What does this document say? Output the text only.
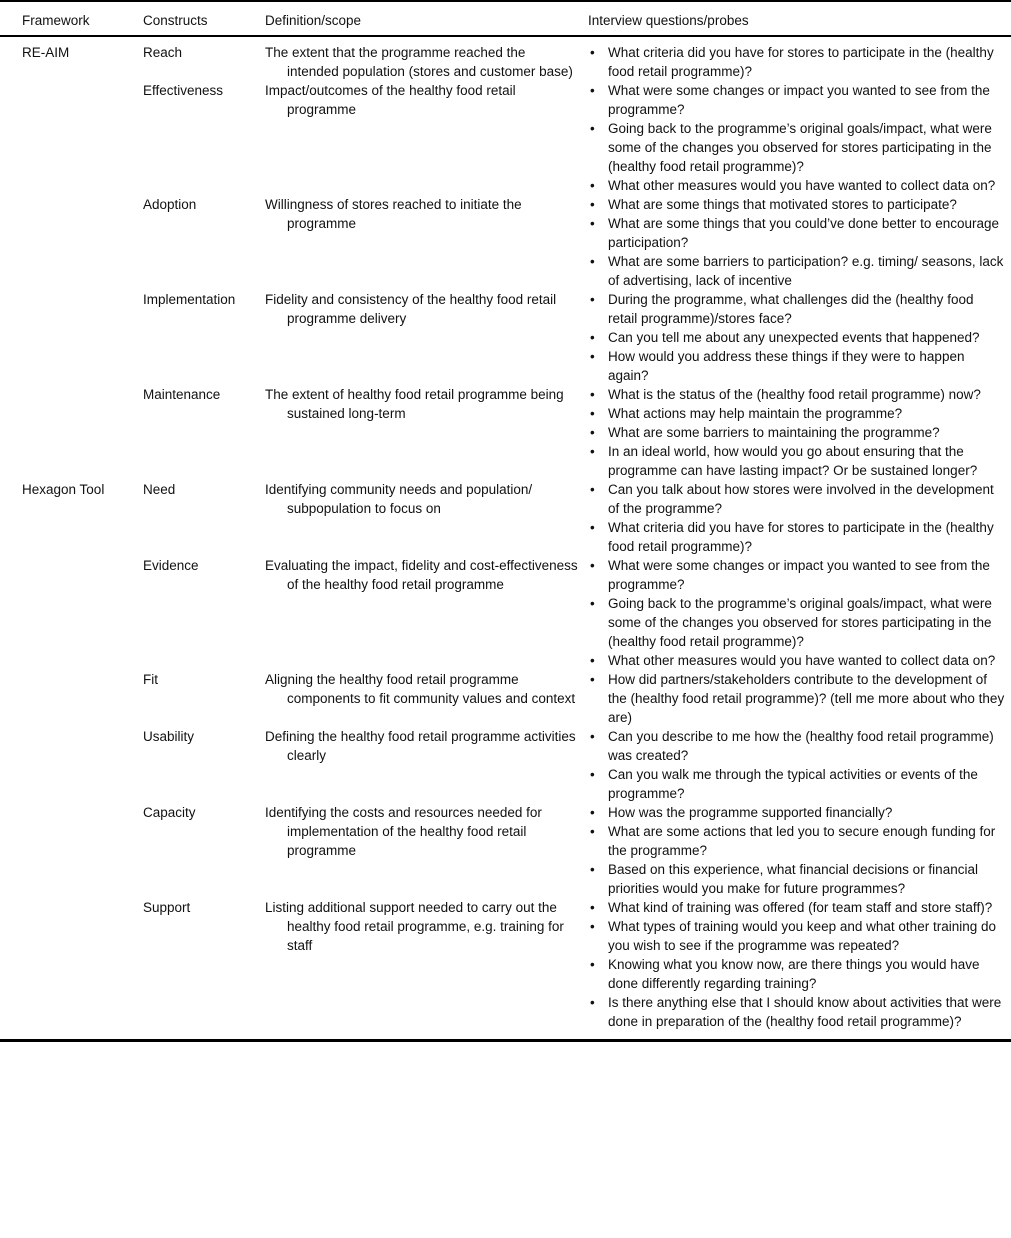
Framework	Constructs	Definition/scope	Interview questions/probes
RE-AIM	Reach	The extent that the programme reached the intended population (stores and customer base)
• What criteria did you have for stores to participate in the (healthy food retail programme)?
Effectiveness	Impact/outcomes of the healthy food retail programme
• What were some changes or impact you wanted to see from the programme?
• Going back to the programme’s original goals/impact, what were some of the changes you observed for stores participating in the (healthy food retail programme)?
• What other measures would you have wanted to collect data on?
Adoption	Willingness of stores reached to initiate the programme
• What are some things that motivated stores to participate?
• What are some things that you could’ve done better to encourage participation?
• What are some barriers to participation? e.g. timing/ seasons, lack of advertising, lack of incentive
Implementation	Fidelity and consistency of the healthy food retail programme delivery
• During the programme, what challenges did the (healthy food retail programme)/stores face?
• Can you tell me about any unexpected events that happened?
• How would you address these things if they were to happen again?
Maintenance	The extent of healthy food retail programme being sustained long-term
• What is the status of the (healthy food retail programme) now?
• What actions may help maintain the programme?
• What are some barriers to maintaining the programme?
• In an ideal world, how would you go about ensuring that the programme can have lasting impact? Or be sustained longer?
Hexagon Tool	Need	Identifying community needs and population/ subpopulation to focus on
• Can you talk about how stores were involved in the development of the programme?
• What criteria did you have for stores to participate in the (healthy food retail programme)?
Evidence	Evaluating the impact, fidelity and cost-effectiveness of the healthy food retail programme
• What were some changes or impact you wanted to see from the programme?
• Going back to the programme’s original goals/impact, what were some of the changes you observed for stores participating in the (healthy food retail programme)?
• What other measures would you have wanted to collect data on?
Fit	Aligning the healthy food retail programme components to fit community values and context
• How did partners/stakeholders contribute to the development of the (healthy food retail programme)? (tell me more about who they are)
Usability	Defining the healthy food retail programme activities clearly
• Can you describe to me how the (healthy food retail programme) was created?
• Can you walk me through the typical activities or events of the programme?
Capacity	Identifying the costs and resources needed for implementation of the healthy food retail programme
• How was the programme supported financially?
• What are some actions that led you to secure enough funding for the programme?
• Based on this experience, what financial decisions or financial priorities would you make for future programmes?
Support	Listing additional support needed to carry out the healthy food retail programme, e.g. training for staff
• What kind of training was offered (for team staff and store staff)?
• What types of training would you keep and what other training do you wish to see if the programme was repeated?
• Knowing what you know now, are there things you would have done differently regarding training?
• Is there anything else that I should know about activities that were done in preparation of the (healthy food retail programme)?
